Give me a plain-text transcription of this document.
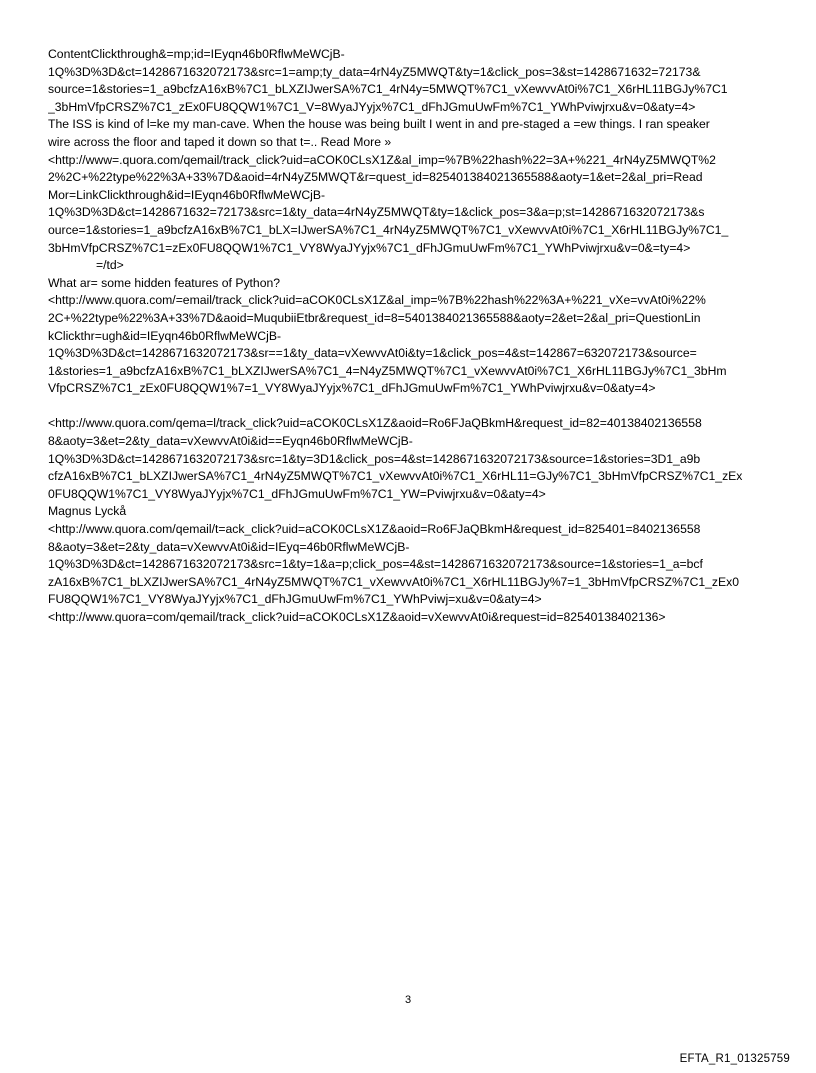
ContentClickthrough&=mp;id=IEyqn46b0RflwMeWCjB-
1Q%3D%3D&ct=1428671632072173&src=1=amp;ty_data=4rN4yZ5MWQT&ty=1&click_pos=3&st=1428671632=72173&
source=1&stories=1_a9bcfzA16xB%7C1_bLXZIJwerSA%7C1_4rN4y=5MWQT%7C1_vXewvvAt0i%7C1_X6rHL11BGJy%7C1
_3bHmVfpCRSZ%7C1_zEx0FU8QQW1%7C1_V=8WyaJYyjx%7C1_dFhJGmuUwFm%7C1_YWhPviwjrxu&v=0&aty=4>
The ISS is kind of l=ke my man-cave. When the house was being built I went in and pre-staged a =ew things. I ran speaker
wire across the floor and taped it down so that t=.. Read More »
<http://www=.quora.com/qemail/track_click?uid=aCOK0CLsX1Z&al_imp=%7B%22hash%22=3A+%221_4rN4yZ5MWQT%2
2%2C+%22type%22%3A+33%7D&aoid=4rN4yZ5MWQT&r=quest_id=825401384021365588&aoty=1&et=2&al_pri=Read
Mor=LinkClickthrough&id=IEyqn46b0RflwMeWCjB-
1Q%3D%3D&ct=1428671632=72173&src=1&ty_data=4rN4yZ5MWQT&ty=1&click_pos=3&a=p;st=1428671632072173&s
ource=1&stories=1_a9bcfzA16xB%7C1_bLX=IJwerSA%7C1_4rN4yZ5MWQT%7C1_vXewvvAt0i%7C1_X6rHL11BGJy%7C1_
3bHmVfpCRSZ%7C1=zEx0FU8QQW1%7C1_VY8WyaJYyjx%7C1_dFhJGmuUwFm%7C1_YWhPviwjrxu&v=0&=ty=4>
=/td>
What ar= some hidden features of Python?
<http://www.quora.com/=email/track_click?uid=aCOK0CLsX1Z&al_imp=%7B%22hash%22%3A+%221_vXe=vvAt0i%22%
2C+%22type%22%3A+33%7D&aoid=MuqubiiEtbr&request_id=8=5401384021365588&aoty=2&et=2&al_pri=QuestionLin
kClickthr=ugh&id=IEyqn46b0RflwMeWCjB-
1Q%3D%3D&ct=1428671632072173&sr==1&ty_data=vXewvvAt0i&ty=1&click_pos=4&st=142867=632072173&source=
1&stories=1_a9bcfzA16xB%7C1_bLXZIJwerSA%7C1_4=N4yZ5MWQT%7C1_vXewvvAt0i%7C1_X6rHL11BGJy%7C1_3bHm
VfpCRSZ%7C1_zEx0FU8QQW1%7=1_VY8WyaJYyjx%7C1_dFhJGmuUwFm%7C1_YWhPviwjrxu&v=0&aty=4>
<http://www.quora.com/qema=l/track_click?uid=aCOK0CLsX1Z&aoid=Ro6FJaQBkmH&request_id=82=40138402136558
8&aoty=3&et=2&ty_data=vXewvvAt0i&id==Eyqn46b0RflwMeWCjB-
1Q%3D%3D&ct=1428671632072173&src=1&ty=3D1&click_pos=4&st=1428671632072173&source=1&stories=3D1_a9b
cfzA16xB%7C1_bLXZIJwerSA%7C1_4rN4yZ5MWQT%7C1_vXewvvAt0i%7C1_X6rHL11=GJy%7C1_3bHmVfpCRSZ%7C1_zEx
0FU8QQW1%7C1_VY8WyaJYyjx%7C1_dFhJGmuUwFm%7C1_YW=Pviwjrxu&v=0&aty=4>
Magnus Lyckå
<http://www.quora.com/qemail/t=ack_click?uid=aCOK0CLsX1Z&aoid=Ro6FJaQBkmH&request_id=825401=8402136558
8&aoty=3&et=2&ty_data=vXewvvAt0i&id=IEyq=46b0RflwMeWCjB-
1Q%3D%3D&ct=1428671632072173&src=1&ty=1&a=p;click_pos=4&st=1428671632072173&source=1&stories=1_a=bcf
zA16xB%7C1_bLXZIJwerSA%7C1_4rN4yZ5MWQT%7C1_vXewvvAt0i%7C1_X6rHL11BGJy%7=1_3bHmVfpCRSZ%7C1_zEx0
FU8QQW1%7C1_VY8WyaJYyjx%7C1_dFhJGmuUwFm%7C1_YWhPviwj=xu&v=0&aty=4>
<http://www.quora=com/qemail/track_click?uid=aCOK0CLsX1Z&aoid=vXewvvAt0i&request=id=82540138402136>
3
EFTA_R1_01325759
